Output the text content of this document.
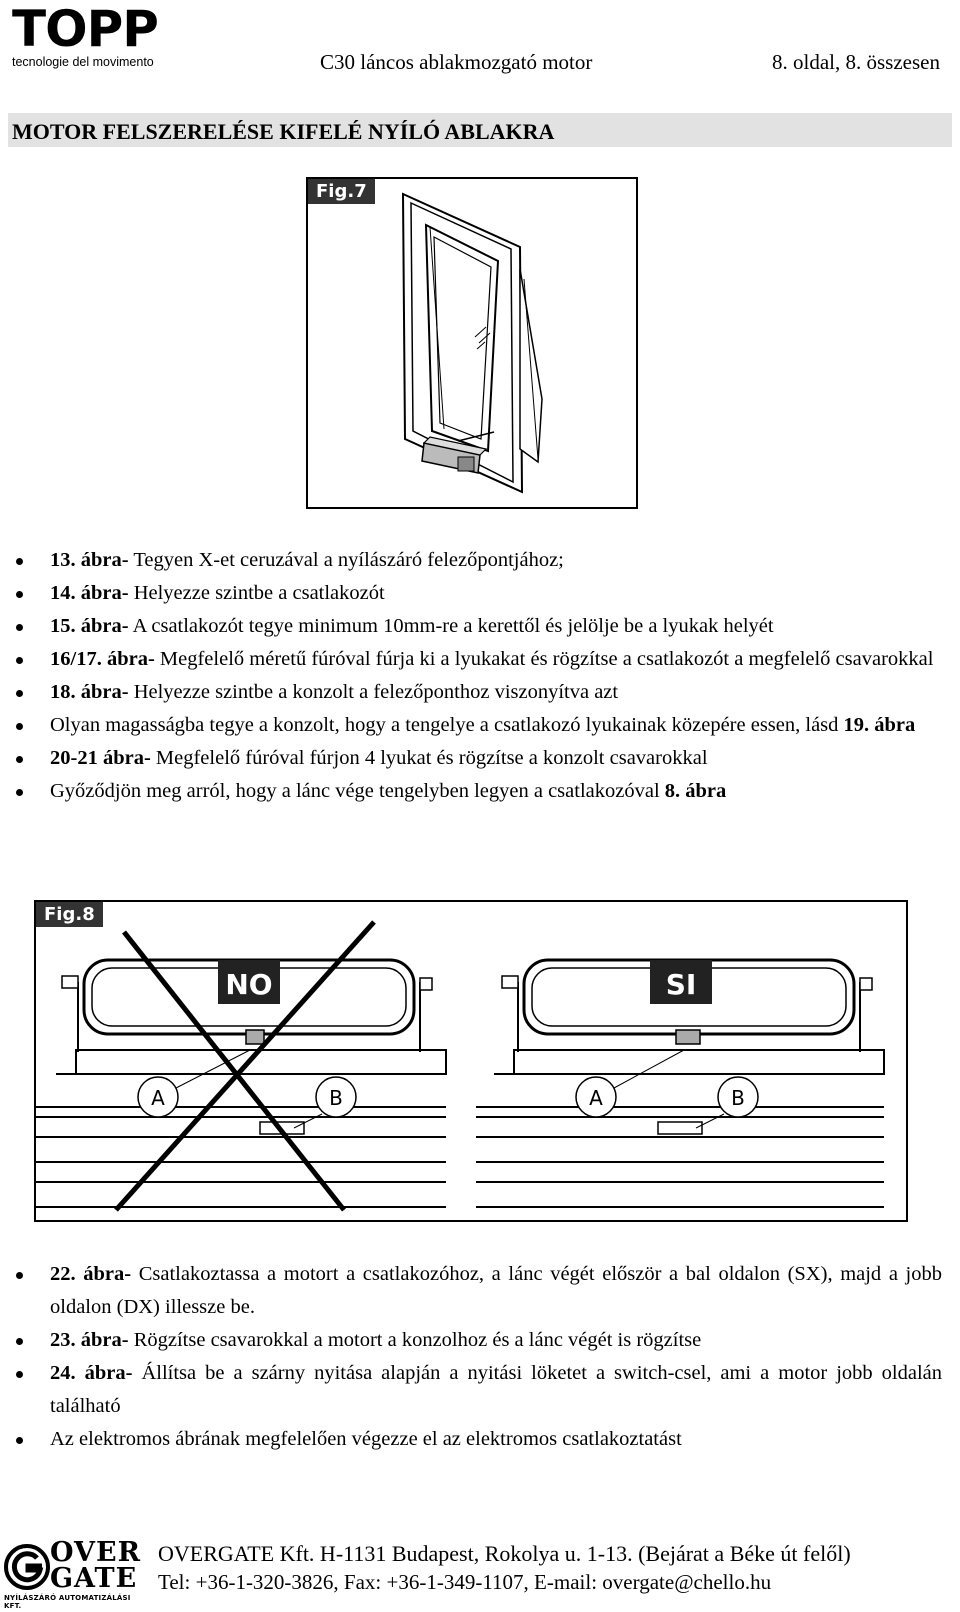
TOPP
tecnologie del movimento	C30 láncos ablakmozgató motor	8. oldal, 8. összesen
MOTOR FELSZERELÉSE KIFELÉ NYÍLÓ ABLAKRA
Fig.7
13. ábra- Tegyen X-et ceruzával a nyílászáró felezőpontjához;
14. ábra- Helyezze szintbe a csatlakozót
15. ábra- A csatlakozót tegye minimum 10mm-re a kerettől és jelölje be a lyukak helyét
16/17. ábra- Megfelelő méretű fúróval fúrja ki a lyukakat és rögzítse a csatlakozót a megfelelő csavarokkal
18. ábra- Helyezze szintbe a konzolt a felezőponthoz viszonyítva azt
Olyan magasságba tegye a konzolt, hogy a tengelye a csatlakozó lyukainak közepére essen, lásd 19. ábra
20-21 ábra- Megfelelő fúróval fúrjon 4 lyukat és rögzítse a konzolt csavarokkal
Győződjön meg arról, hogy a lánc vége tengelyben legyen a csatlakozóval 8. ábra
Fig.8
A	B
NO
A	B
SI
22. ábra- Csatlakoztassa a motort a csatlakozóhoz, a lánc végét először a bal oldalon (SX), majd a jobb oldalon (DX) illessze be.
23. ábra- Rögzítse csavarokkal a motort a konzolhoz és a lánc végét is rögzítse
24. ábra- Állítsa be a szárny nyitása alapján a nyitási löketet a switch-csel, ami a motor jobb oldalán található
Az elektromos ábrának megfelelően végezze el az elektromos csatlakoztatást
OVER
GATE
NYÍLÁSZÁRÓ AUTOMATIZÁLÁSI KFT.
OVERGATE Kft. H-1131 Budapest, Rokolya u. 1-13. (Bejárat a Béke út felől)
Tel: +36-1-320-3826, Fax: +36-1-349-1107, E-mail: overgate@chello.hu
